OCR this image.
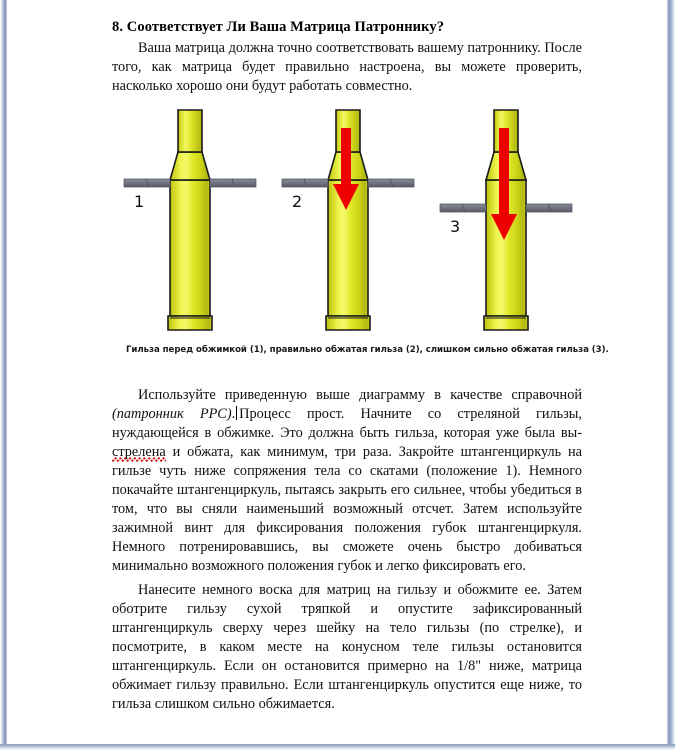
8. Соответствует Ли Ваша Матрица Патроннику?

Ваша матрица должна точно соответствовать вашему патроннику. После того, как матрица будет правильно настроена, вы можете проверить, насколько хорошо они будут работать совместно.

1	2
3
Гильза перед обжимкой (1), правильно обжатая гильза (2), слишком сильно обжатая гильза (3).

Используйте приведенную выше диаграмму в качестве справочной (патронник PPC). Процесс прост. Начните со стреляной гильзы, нуждающейся в обжимке. Это должна быть гильза, которая уже была вы-стрелена и обжата, как минимум, три раза. Закройте штангенциркуль на гильзе чуть ниже сопряжения тела со скатами (положение 1). Немного покачайте штангенциркуль, пытаясь закрыть его сильнее, чтобы убедиться в том, что вы сняли наименьший возможный отсчет. Затем используйте зажимной винт для фиксирования положения губок штангенциркуля. Немного потренировавшись, вы сможете очень быстро добиваться минимально возможного положения губок и легко фиксировать его.

Нанесите немного воска для матриц на гильзу и обожмите ее. Затем оботрите гильзу сухой тряпкой и опустите зафиксированный штангенциркуль сверху через шейку на тело гильзы (по стрелке), и посмотрите, в каком месте на конусном теле гильзы остановится штангенциркуль. Если он остановится примерно на 1/8" ниже, матрица обжимает гильзу правильно. Если штангенциркуль опустится еще ниже, то гильза слишком сильно обжимается.
